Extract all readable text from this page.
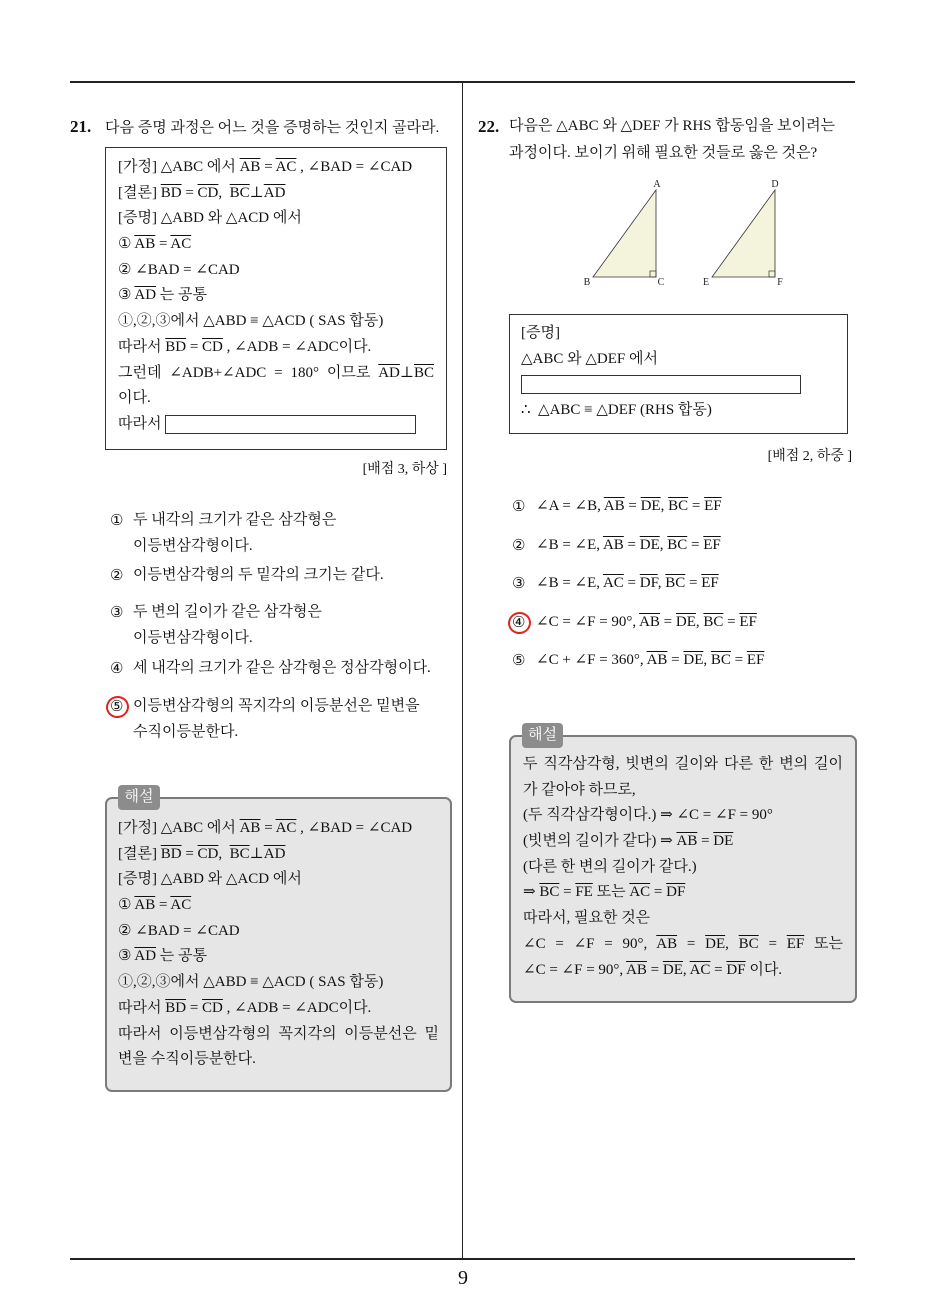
21. 다음 증명 과정은 어느 것을 증명하는 것인지 골라라.
[가정] △ABC 에서 $\overline{AB} = \overline{AC}$ , ∠BAD = ∠CAD
[결론] $\overline{BD} = \overline{CD}$,  $\overline{BC}\perp\overline{AD}$
[증명] △ABD 와 △ACD 에서
① $\overline{AB} = \overline{AC}$
② ∠BAD = ∠CAD
③ $\overline{AD}$ 는 공통
①,②,③에서 △ABD ≡ △ACD ( SAS 합동)
따라서 $\overline{BD} = \overline{CD}$ , ∠ADB = ∠ADC이다.
그런데 ∠ADB+∠ADC = 180° 이므로 $\overline{AD}\perp\overline{BC}$
이다.
따라서
[배점 3, 하상 ]
① 두 내각의 크기가 같은 삼각형은
이등변삼각형이다.
② 이등변삼각형의 두 밑각의 크기는 같다.
③ 두 변의 길이가 같은 삼각형은
이등변삼각형이다.
④ 세 내각의 크기가 같은 삼각형은 정삼각형이다.
⑤ 이등변삼각형의 꼭지각의 이등분선은 밑변을
수직이등분한다.
[가정] △ABC 에서 $\overline{AB} = \overline{AC}$ , ∠BAD = ∠CAD
[결론] $\overline{BD} = \overline{CD}$,  $\overline{BC}\perp\overline{AD}$
[증명] △ABD 와 △ACD 에서
① $\overline{AB} = \overline{AC}$
② ∠BAD = ∠CAD
③ $\overline{AD}$ 는 공통
①,②,③에서 △ABD ≡ △ACD ( SAS 합동)
따라서 $\overline{BD} = \overline{CD}$ , ∠ADB = ∠ADC이다.
따라서 이등변삼각형의 꼭지각의 이등분선은 밑
변을 수직이등분한다.
해설
22. 다음은 △ABC 와 △DEF 가 RHS 합동임을 보이려는
과정이다. 보이기 위해 필요한 것들로 옳은 것은?
A
B	C
D
E	F
[증명]
△ABC 와 △DEF 에서
∴  △ABC ≡ △DEF (RHS 합동)
[배점 2, 하중 ]
① ∠A = ∠B, $\overline{AB} = \overline{DE}$, $\overline{BC} = \overline{EF}$
② ∠B = ∠E, $\overline{AB} = \overline{DE}$, $\overline{BC} = \overline{EF}$
③ ∠B = ∠E, $\overline{AC} = \overline{DF}$, $\overline{BC} = \overline{EF}$
④ ∠C = ∠F = 90°, $\overline{AB} = \overline{DE}$, $\overline{BC} = \overline{EF}$
⑤ ∠C + ∠F = 360°, $\overline{AB} = \overline{DE}$, $\overline{BC} = \overline{EF}$
두 직각삼각형, 빗변의 길이와 다른 한 변의 길이
가 같아야 하므로,
(두 직각삼각형이다.) ⇒ ∠C = ∠F = 90°
(빗변의 길이가 같다) ⇒ $\overline{AB} = \overline{DE}$
(다른 한 변의 길이가 같다.)
⇒ $\overline{BC} = \overline{FE}$ 또는 $\overline{AC} = \overline{DF}$
따라서, 필요한 것은
∠C = ∠F = 90°, $\overline{AB} = \overline{DE}$, $\overline{BC} = \overline{EF}$ 또는
∠C = ∠F = 90°, $\overline{AB} = \overline{DE}$, $\overline{AC} = \overline{DF}$ 이다.
해설
9
